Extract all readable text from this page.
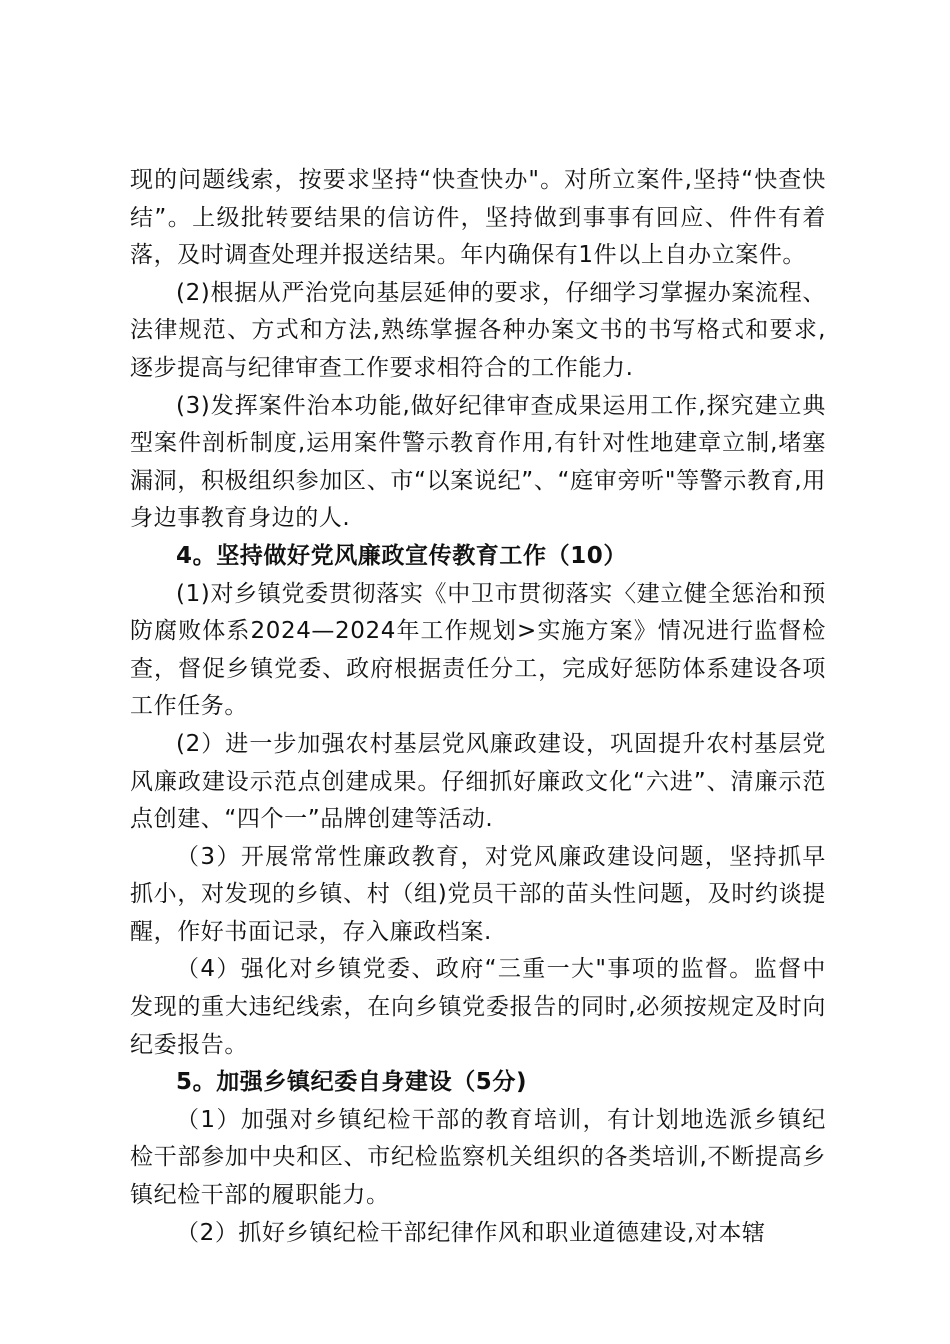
现的问题线索，按要求坚持“快查快办"。对所立案件,坚持“快查快结”。上级批转要结果的信访件，坚持做到事事有回应、件件有着落，及时调查处理并报送结果。年内确保有1件以上自办立案件。

(2)根据从严治党向基层延伸的要求，仔细学习掌握办案流程、法律规范、方式和方法,熟练掌握各种办案文书的书写格式和要求,逐步提高与纪律审查工作要求相符合的工作能力.

(3)发挥案件治本功能,做好纪律审查成果运用工作,探究建立典型案件剖析制度,运用案件警示教育作用,有针对性地建章立制,堵塞漏洞，积极组织参加区、市“以案说纪”、“庭审旁听"等警示教育,用身边事教育身边的人.

4。坚持做好党风廉政宣传教育工作（10）

(1)对乡镇党委贯彻落实《中卫市贯彻落实〈建立健全惩治和预防腐败体系2024—2024年工作规划>实施方案》情况进行监督检查，督促乡镇党委、政府根据责任分工，完成好惩防体系建设各项工作任务。

(2）进一步加强农村基层党风廉政建设，巩固提升农村基层党风廉政建设示范点创建成果。仔细抓好廉政文化“六进”、清廉示范点创建、“四个一”品牌创建等活动.

（3）开展常常性廉政教育，对党风廉政建设问题，坚持抓早抓小，对发现的乡镇、村（组)党员干部的苗头性问题，及时约谈提醒，作好书面记录，存入廉政档案.

（4）强化对乡镇党委、政府“三重一大"事项的监督。监督中发现的重大违纪线索，在向乡镇党委报告的同时,必须按规定及时向纪委报告。

5。加强乡镇纪委自身建设（5分)

（1）加强对乡镇纪检干部的教育培训，有计划地选派乡镇纪检干部参加中央和区、市纪检监察机关组织的各类培训,不断提高乡镇纪检干部的履职能力。

（2）抓好乡镇纪检干部纪律作风和职业道德建设,对本辖
